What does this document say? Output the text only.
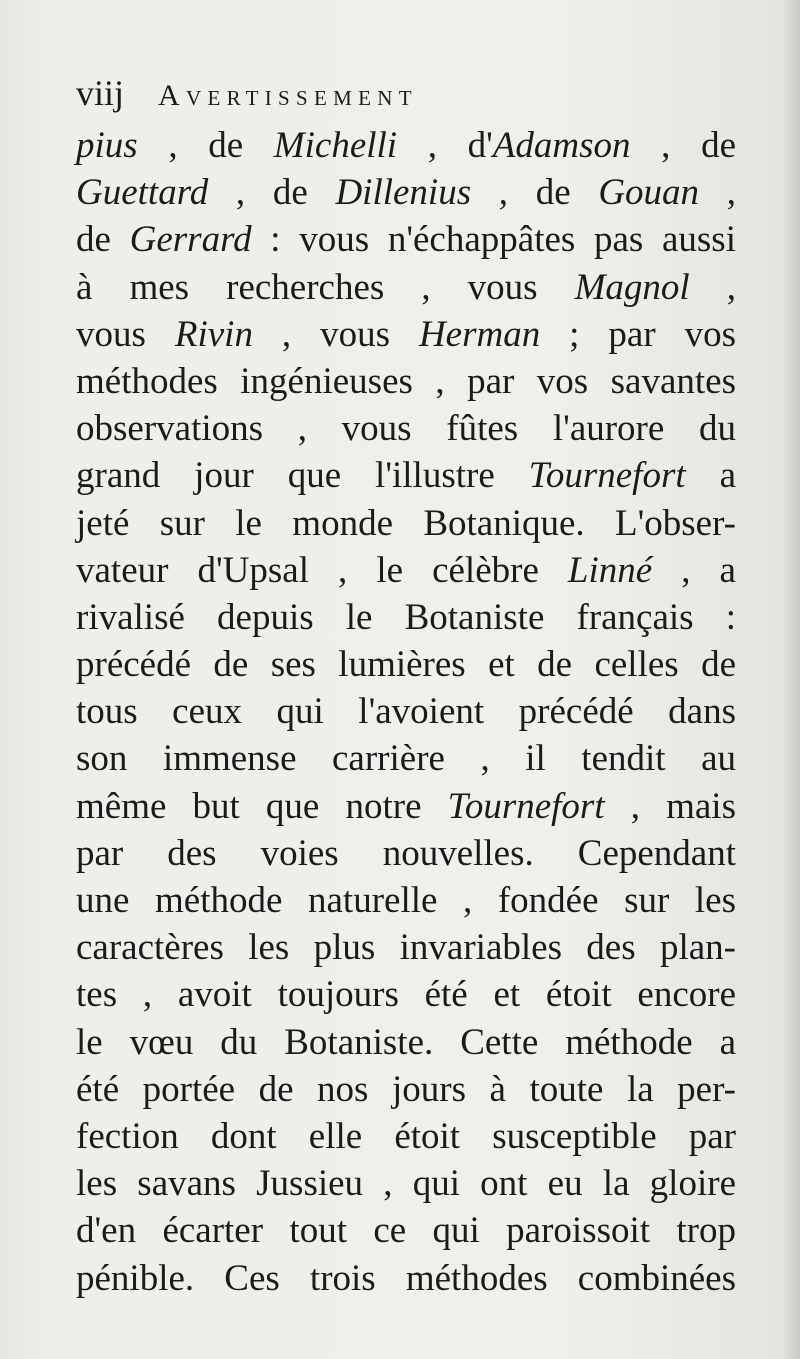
viij Avertissement
pius , de Michelli , d'Adamson , de
Guettard , de Dillenius , de Gouan ,
de Gerrard : vous n'échappâtes pas aussi
à mes recherches , vous Magnol ,
vous Rivin , vous Herman ; par vos
méthodes ingénieuses , par vos savantes
observations , vous fûtes l'aurore du
grand jour que l'illustre Tournefort a
jeté sur le monde Botanique. L'obser-
vateur d'Upsal , le célèbre Linné , a
rivalisé depuis le Botaniste français :
précédé de ses lumières et de celles de
tous ceux qui l'avoient précédé dans
son immense carrière , il tendit au
même but que notre Tournefort , mais
par des voies nouvelles. Cependant
une méthode naturelle , fondée sur les
caractères les plus invariables des plan-
tes , avoit toujours été et étoit encore
le vœu du Botaniste. Cette méthode a
été portée de nos jours à toute la per-
fection dont elle étoit susceptible par
les savans Jussieu , qui ont eu la gloire
d'en écarter tout ce qui paroissoit trop
pénible. Ces trois méthodes combinées
